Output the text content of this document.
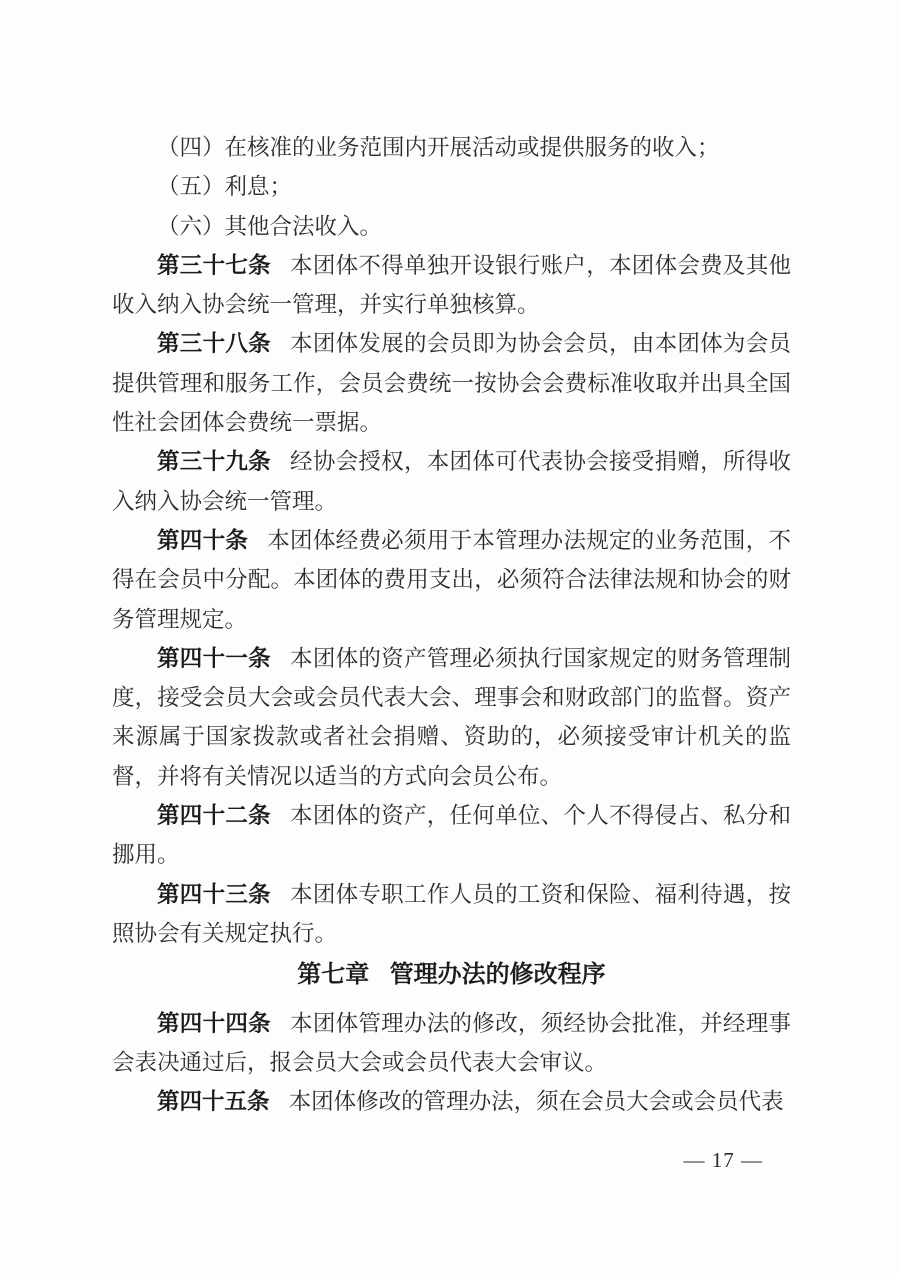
（四）在核准的业务范围内开展活动或提供服务的收入；

（五）利息；

（六）其他合法收入。

第三十七条 本团体不得单独开设银行账户，本团体会费及其他收入纳入协会统一管理，并实行单独核算。

第三十八条 本团体发展的会员即为协会会员，由本团体为会员提供管理和服务工作，会员会费统一按协会会费标准收取并出具全国性社会团体会费统一票据。

第三十九条 经协会授权，本团体可代表协会接受捐赠，所得收入纳入协会统一管理。

第四十条 本团体经费必须用于本管理办法规定的业务范围，不得在会员中分配。本团体的费用支出，必须符合法律法规和协会的财务管理规定。

第四十一条 本团体的资产管理必须执行国家规定的财务管理制度，接受会员大会或会员代表大会、理事会和财政部门的监督。资产来源属于国家拨款或者社会捐赠、资助的，必须接受审计机关的监督，并将有关情况以适当的方式向会员公布。

第四十二条 本团体的资产，任何单位、个人不得侵占、私分和挪用。

第四十三条 本团体专职工作人员的工资和保险、福利待遇，按照协会有关规定执行。

第七章 管理办法的修改程序

第四十四条 本团体管理办法的修改，须经协会批准，并经理事会表决通过后，报会员大会或会员代表大会审议。

第四十五条 本团体修改的管理办法，须在会员大会或会员代表

— 17 —
